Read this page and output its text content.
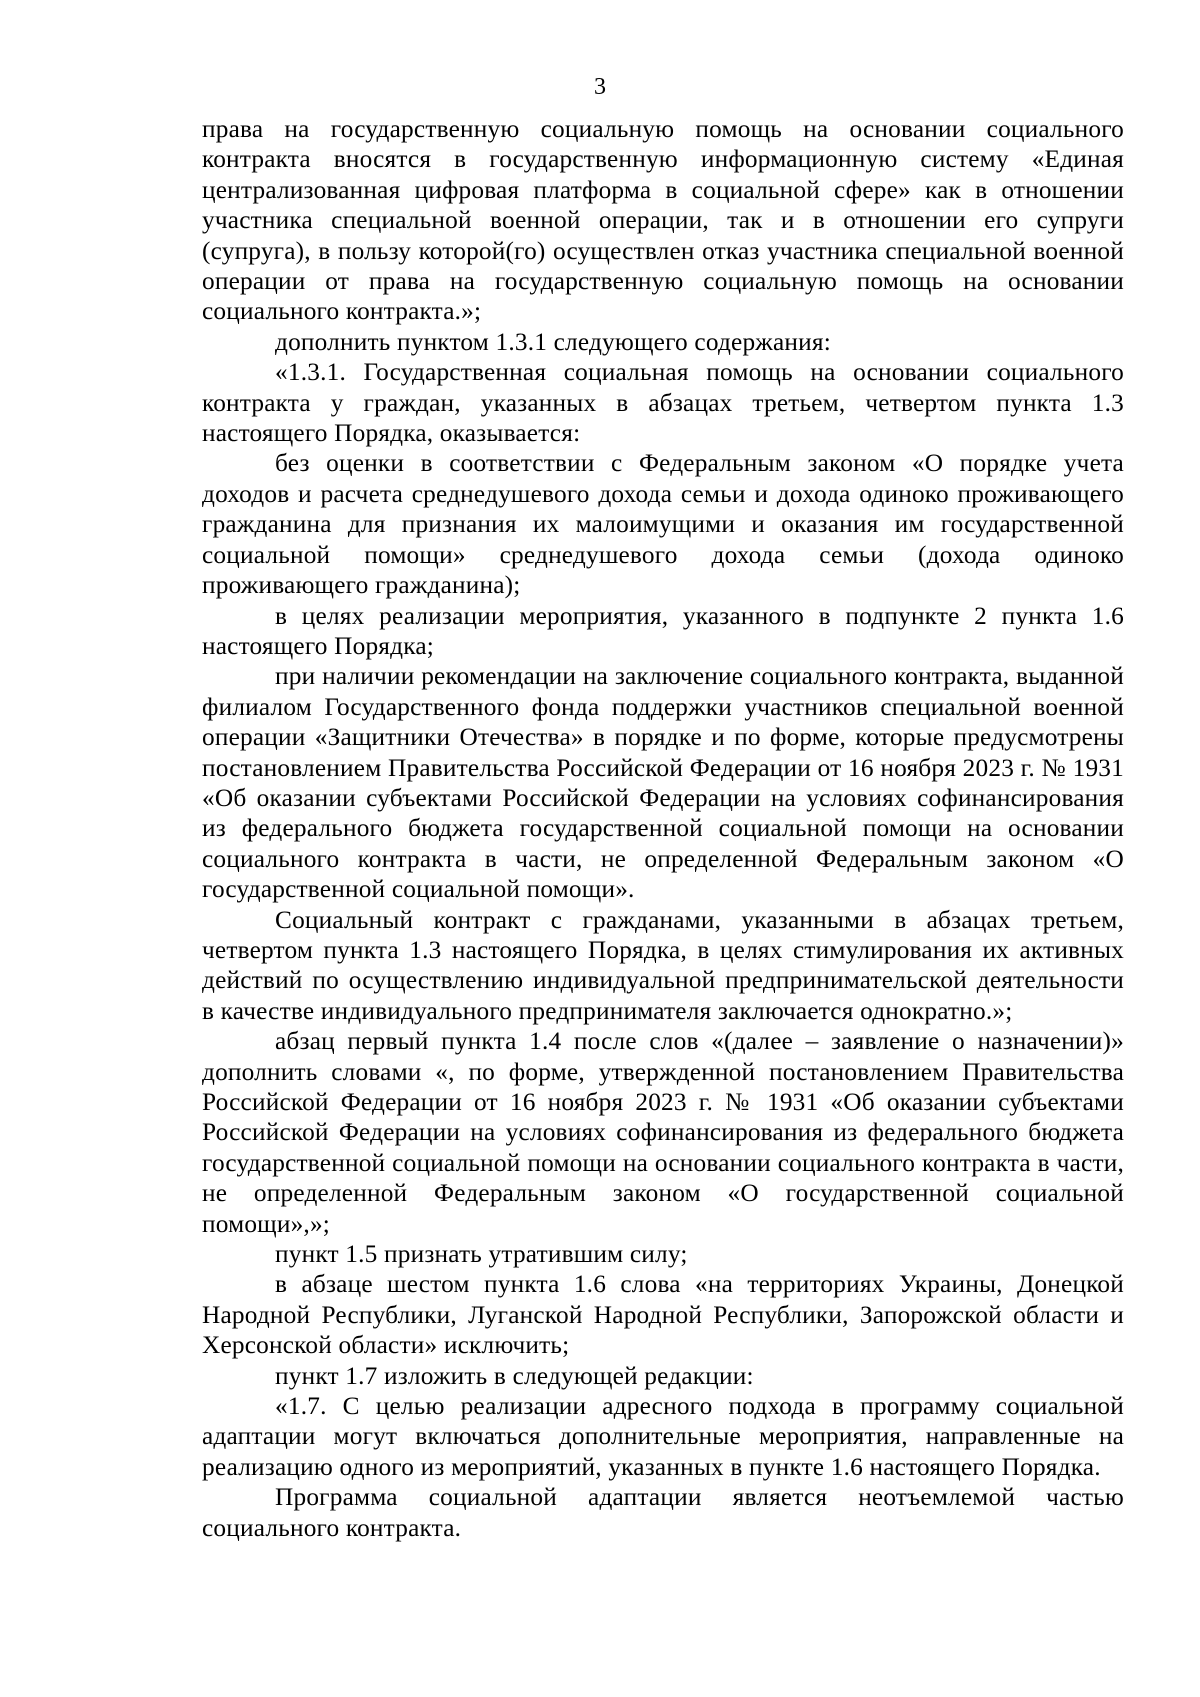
3

права на государственную социальную помощь на основании социального контракта вносятся в государственную информационную систему «Единая централизованная цифровая платформа в социальной сфере» как в отношении участника специальной военной операции, так и в отношении его супруги (супруга), в пользу которой(го) осуществлен отказ участника специальной военной операции от права на государственную социальную помощь на основании социального контракта.»;

дополнить пунктом 1.3.1 следующего содержания:

«1.3.1. Государственная социальная помощь на основании социального контракта у граждан, указанных в абзацах третьем, четвертом пункта 1.3 настоящего Порядка, оказывается:

без оценки в соответствии с Федеральным законом «О порядке учета доходов и расчета среднедушевого дохода семьи и дохода одиноко проживающего гражданина для признания их малоимущими и оказания им государственной социальной помощи» среднедушевого дохода семьи (дохода одиноко проживающего гражданина);

в целях реализации мероприятия, указанного в подпункте 2 пункта 1.6 настоящего Порядка;

при наличии рекомендации на заключение социального контракта, выданной филиалом Государственного фонда поддержки участников специальной военной операции «Защитники Отечества» в порядке и по форме, которые предусмотрены постановлением Правительства Российской Федерации от 16 ноября 2023 г. № 1931 «Об оказании субъектами Российской Федерации на условиях софинансирования из федерального бюджета государственной социальной помощи на основании социального контракта в части, не определенной Федеральным законом «О государственной социальной помощи».

Социальный контракт с гражданами, указанными в абзацах третьем, четвертом пункта 1.3 настоящего Порядка, в целях стимулирования их активных действий по осуществлению индивидуальной предпринимательской деятельности в качестве индивидуального предпринимателя заключается однократно.»;

абзац первый пункта 1.4 после слов «(далее – заявление о назначении)» дополнить словами «, по форме, утвержденной постановлением Правительства Российской Федерации от 16 ноября 2023 г. № 1931 «Об оказании субъектами Российской Федерации на условиях софинансирования из федерального бюджета государственной социальной помощи на основании социального контракта в части, не определенной Федеральным законом «О государственной социальной помощи»,»;

пункт 1.5 признать утратившим силу;

в абзаце шестом пункта 1.6 слова «на территориях Украины, Донецкой Народной Республики, Луганской Народной Республики, Запорожской области и Херсонской области» исключить;

пункт 1.7 изложить в следующей редакции:

«1.7. С целью реализации адресного подхода в программу социальной адаптации могут включаться дополнительные мероприятия, направленные на реализацию одного из мероприятий, указанных в пункте 1.6 настоящего Порядка.

Программа социальной адаптации является неотъемлемой частью социального контракта.
